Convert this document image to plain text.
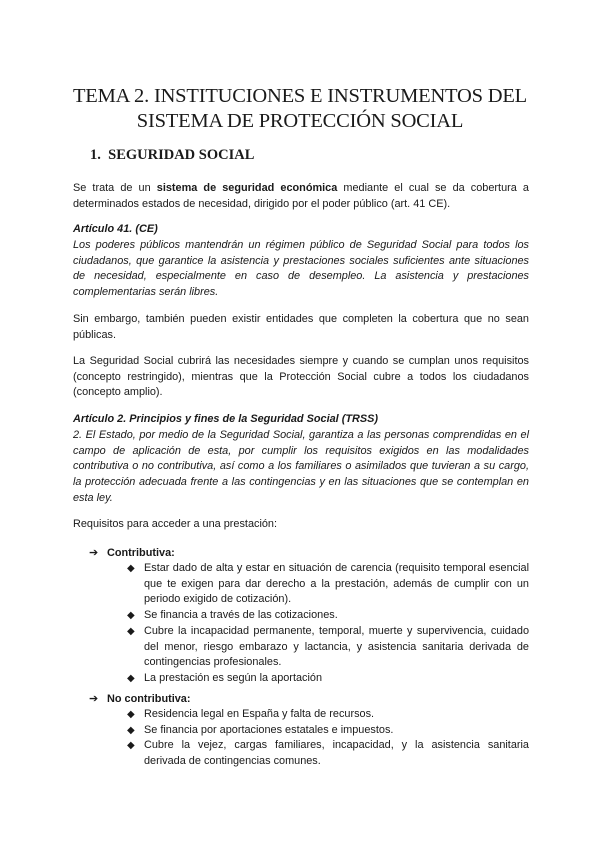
TEMA 2. INSTITUCIONES E INSTRUMENTOS DEL
SISTEMA DE PROTECCIÓN SOCIAL
1.  SEGURIDAD SOCIAL

Se trata de un sistema de seguridad económica mediante el cual se da cobertura a determinados estados de necesidad, dirigido por el poder público (art. 41 CE).

Artículo 41. (CE)

Los poderes públicos mantendrán un régimen público de Seguridad Social para todos los ciudadanos, que garantice la asistencia y prestaciones sociales suficientes ante situaciones de necesidad, especialmente en caso de desempleo. La asistencia y prestaciones complementarias serán libres.

Sin embargo, también pueden existir entidades que completen la cobertura que no sean públicas.

La Seguridad Social cubrirá las necesidades siempre y cuando se cumplan unos requisitos (concepto restringido), mientras que la Protección Social cubre a todos los ciudadanos (concepto amplio).

Artículo 2. Principios y fines de la Seguridad Social (TRSS)

2. El Estado, por medio de la Seguridad Social, garantiza a las personas comprendidas en el campo de aplicación de esta, por cumplir los requisitos exigidos en las modalidades contributiva o no contributiva, así como a los familiares o asimilados que tuvieran a su cargo, la protección adecuada frente a las contingencias y en las situaciones que se contemplan en esta ley.

Requisitos para acceder a una prestación:

➔ Contributiva:

◆ Estar dado de alta y estar en situación de carencia (requisito temporal esencial que te exigen para dar derecho a la prestación, además de cumplir con un periodo exigido de cotización).
◆ Se financia a través de las cotizaciones.
◆ Cubre la incapacidad permanente, temporal, muerte y supervivencia, cuidado del menor, riesgo embarazo y lactancia, y asistencia sanitaria derivada de contingencias profesionales.
◆ La prestación es según la aportación

➔ No contributiva:

◆ Residencia legal en España y falta de recursos.
◆ Se financia por aportaciones estatales e impuestos.
◆ Cubre la vejez, cargas familiares, incapacidad, y la asistencia sanitaria derivada de contingencias comunes.
